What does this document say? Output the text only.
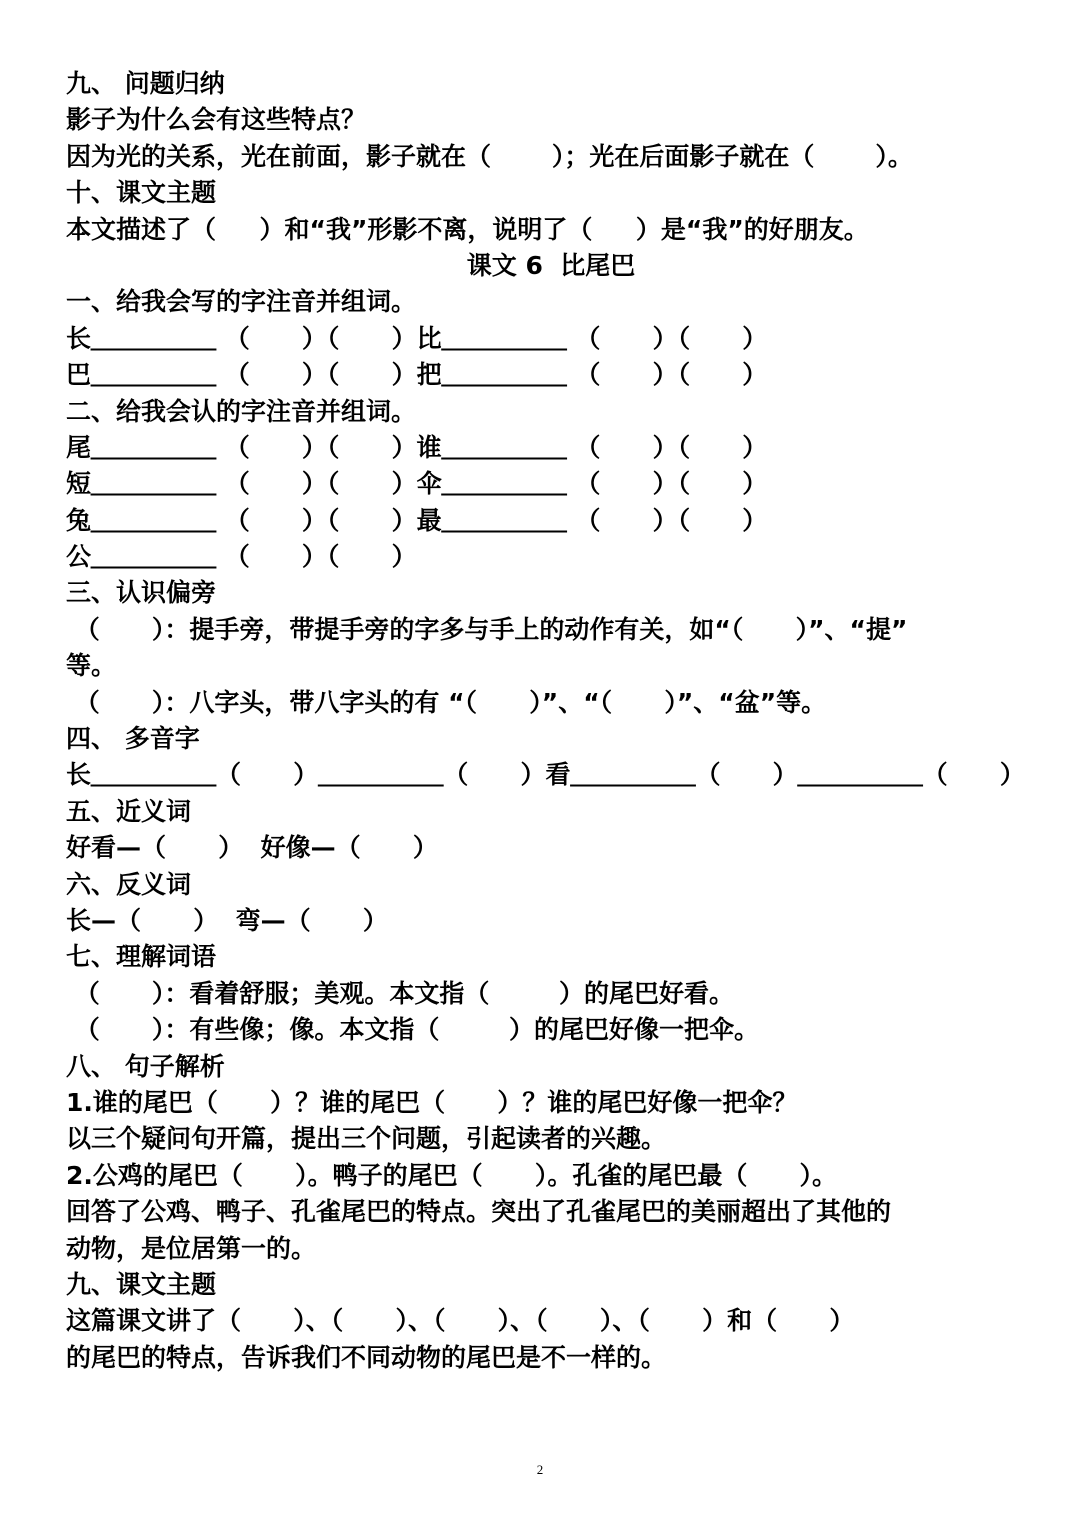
九、 问题归纳
影子为什么会有这些特点？
因为光的关系，光在前面，影子就在（       ）；光在后面影子就在（       ）。
十、课文主题
本文描述了（     ）和“我”形影不离，说明了（     ）是“我”的好朋友。
课文 6  比尾巴
一、给我会写的字注音并组词。
长＿＿＿＿＿ （      ）（      ）比＿＿＿＿＿ （      ）（      ）
巴＿＿＿＿＿ （      ）（      ）把＿＿＿＿＿ （      ）（      ）
二、给我会认的字注音并组词。
尾＿＿＿＿＿ （      ）（      ）谁＿＿＿＿＿ （      ）（      ）
短＿＿＿＿＿ （      ）（      ）伞＿＿＿＿＿ （      ）（      ）
兔＿＿＿＿＿ （      ）（      ）最＿＿＿＿＿ （      ）（      ）
公＿＿＿＿＿ （      ）（      ）
三、认识偏旁
（      ）：提手旁，带提手旁的字多与手上的动作有关，如“（      ）”、“提”
等。
（      ）：八字头，带八字头的有 “（      ）”、“（      ）”、“盆”等。
四、 多音字
长＿＿＿＿＿（      ）＿＿＿＿＿（      ）看＿＿＿＿＿（      ）＿＿＿＿＿（      ）
五、近义词
好看—（      ）  好像—（      ）
六、反义词
长—（      ）  弯—（      ）
七、理解词语
（      ）：看着舒服；美观。本文指（        ）的尾巴好看。
（      ）：有些像；像。本文指（        ）的尾巴好像一把伞。
八、 句子解析
1.谁的尾巴（      ）？谁的尾巴（      ）？谁的尾巴好像一把伞？
以三个疑问句开篇，提出三个问题，引起读者的兴趣。
2.公鸡的尾巴（      ）。鸭子的尾巴（      ）。孔雀的尾巴最（      ）。
回答了公鸡、鸭子、孔雀尾巴的特点。突出了孔雀尾巴的美丽超出了其他的
动物，是位居第一的。
九、课文主题
这篇课文讲了（      ）、（      ）、（      ）、（      ）、（      ）和（      ）
的尾巴的特点，告诉我们不同动物的尾巴是不一样的。
2
